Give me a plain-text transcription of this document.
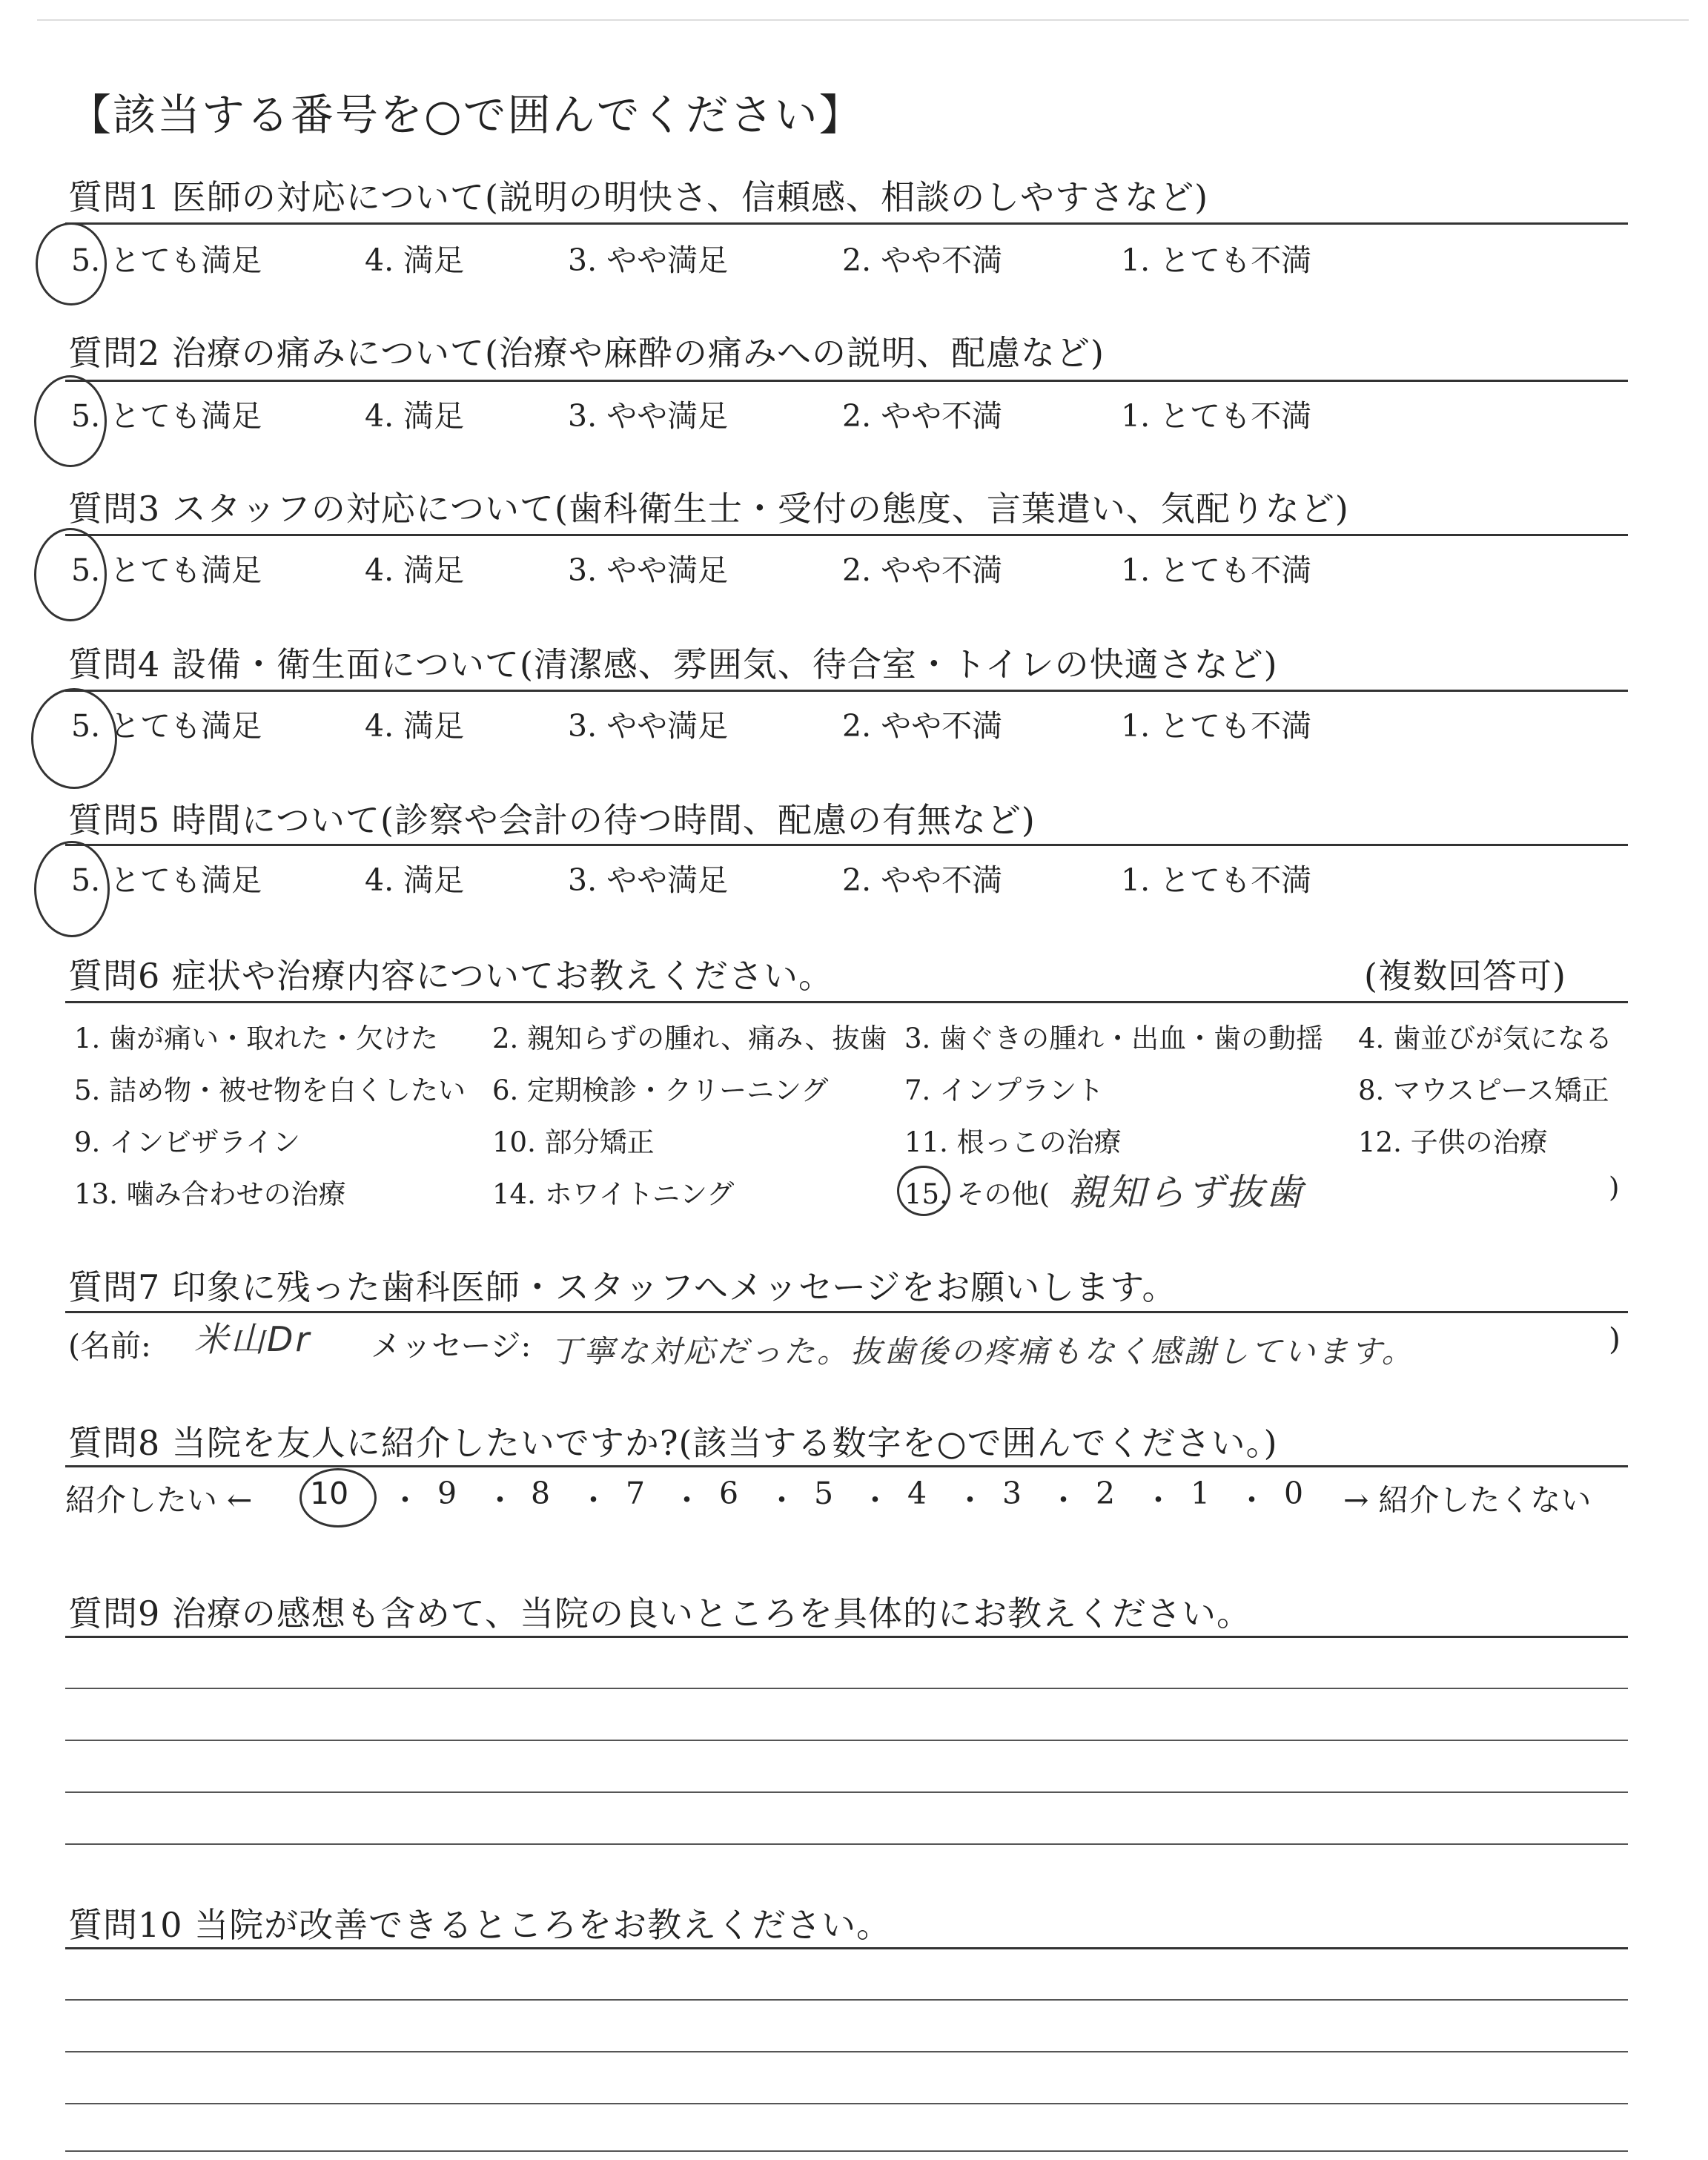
【該当する番号を○で囲んでください】
質問1 医師の対応について(説明の明快さ、信頼感、相談のしやすさなど)
5. とても満足	4. 満足	3. やや満足	2. やや不満	1. とても不満
質問2 治療の痛みについて(治療や麻酔の痛みへの説明、配慮など)
5. とても満足	4. 満足	3. やや満足	2. やや不満	1. とても不満
質問3 スタッフの対応について(歯科衛生士・受付の態度、言葉遣い、気配りなど)
5. とても満足	4. 満足	3. やや満足	2. やや不満	1. とても不満
質問4 設備・衛生面について(清潔感、雰囲気、待合室・トイレの快適さなど)
5. とても満足	4. 満足	3. やや満足	2. やや不満	1. とても不満
質問5 時間について(診察や会計の待つ時間、配慮の有無など)
5. とても満足	4. 満足	3. やや満足	2. やや不満	1. とても不満
質問6 症状や治療内容についてお教えください。	(複数回答可)
1. 歯が痛い・取れた・欠けた 2. 親知らずの腫れ、痛み、抜歯 3. 歯ぐきの腫れ・出血・歯の動揺 4. 歯並びが気になる
5. 詰め物・被せ物を白くしたい 6. 定期検診・クリーニング	7. インプラント	8. マウスピース矯正
9. インビザライン	10. 部分矯正	11. 根っこの治療	12. 子供の治療
13. 噛み合わせの治療	14. ホワイトニング	15. その他( 親知らず抜歯	)
質問7 印象に残った歯科医師・スタッフへメッセージをお願いします。
(名前: 米山Dr メッセージ: 丁寧な対応だった。抜歯後の疼痛もなく感謝しています。	)
質問8 当院を友人に紹介したいですか?(該当する数字を○で囲んでください。)
紹介したい ← 10 ・ 9 ・ 8 ・ 7 ・ 6 ・ 5 ・ 4 ・ 3 ・ 2 ・ 1 ・ 0 → 紹介したくない
質問9 治療の感想も含めて、当院の良いところを具体的にお教えください。
質問10 当院が改善できるところをお教えください。
